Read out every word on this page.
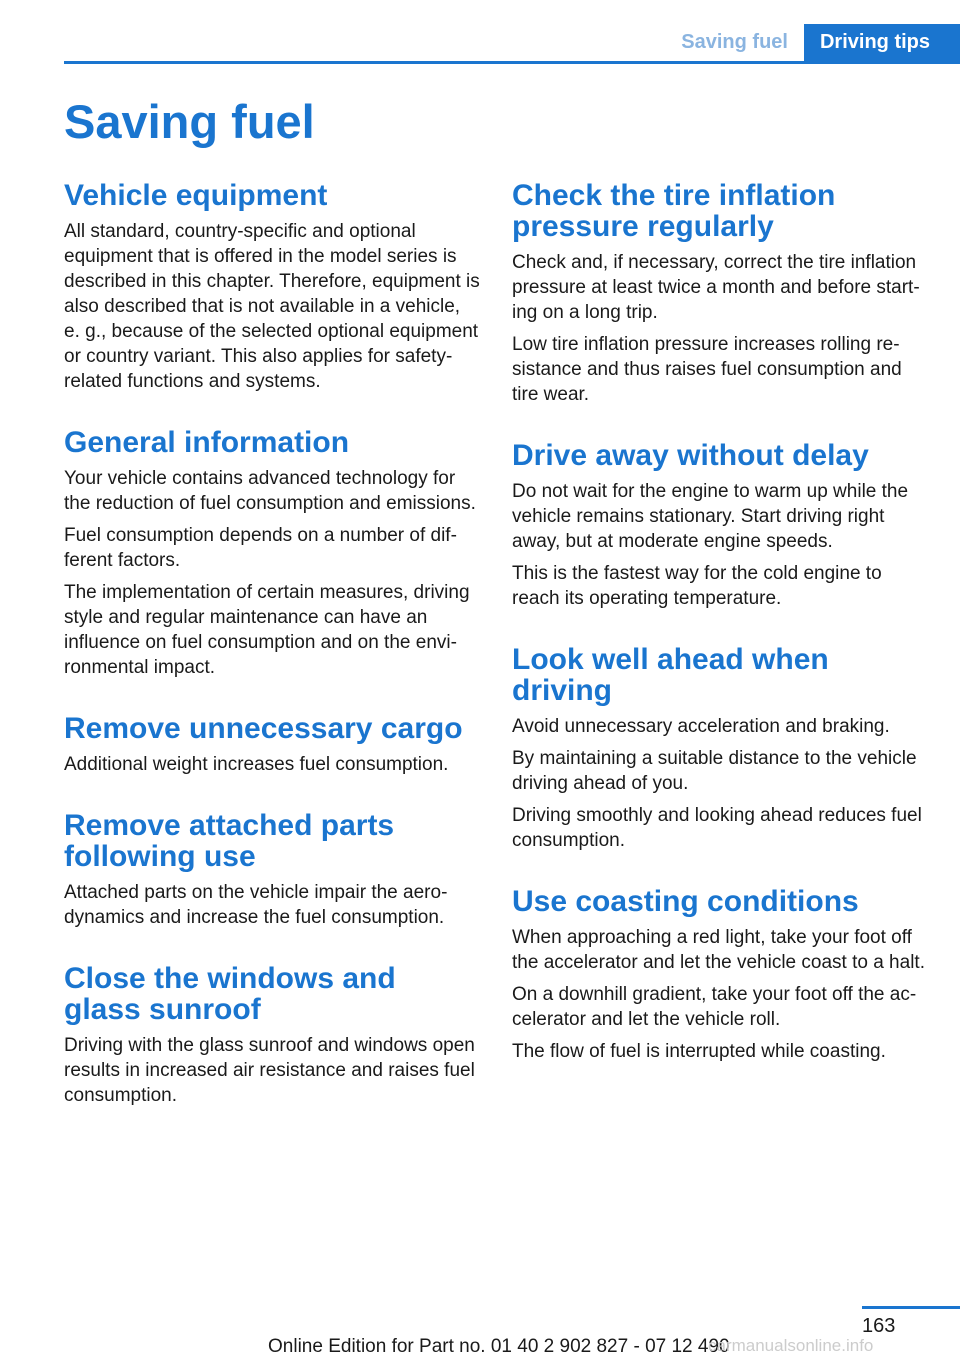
Saving fuel	Driving tips
Saving fuel
Vehicle equipment

All standard, country-specific and optional equipment that is offered in the model series is described in this chapter. Therefore, equipment is also described that is not available in a vehicle, e. g., because of the selected optional equipment or country variant. This also applies for safety-related functions and systems.

General information

Your vehicle contains advanced technology for the reduction of fuel consumption and emissions.

Fuel consumption depends on a number of different factors.

The implementation of certain measures, driving style and regular maintenance can have an influence on fuel consumption and on the environmental impact.

Remove unnecessary cargo

Additional weight increases fuel consumption.

Remove attached parts following use

Attached parts on the vehicle impair the aerodynamics and increase the fuel consumption.

Close the windows and glass sunroof

Driving with the glass sunroof and windows open results in increased air resistance and raises fuel consumption.

Check the tire inflation pressure regularly

Check and, if necessary, correct the tire inflation pressure at least twice a month and before starting on a long trip.

Low tire inflation pressure increases rolling resistance and thus raises fuel consumption and tire wear.

Drive away without delay

Do not wait for the engine to warm up while the vehicle remains stationary. Start driving right away, but at moderate engine speeds.

This is the fastest way for the cold engine to reach its operating temperature.

Look well ahead when driving

Avoid unnecessary acceleration and braking.

By maintaining a suitable distance to the vehicle driving ahead of you.

Driving smoothly and looking ahead reduces fuel consumption.

Use coasting conditions

When approaching a red light, take your foot off the accelerator and let the vehicle coast to a halt.

On a downhill gradient, take your foot off the accelerator and let the vehicle roll.

The flow of fuel is interrupted while coasting.

163
Online Edition for Part no. 01 40 2 902 827 - 07 12 490
carmanualsonline.info
